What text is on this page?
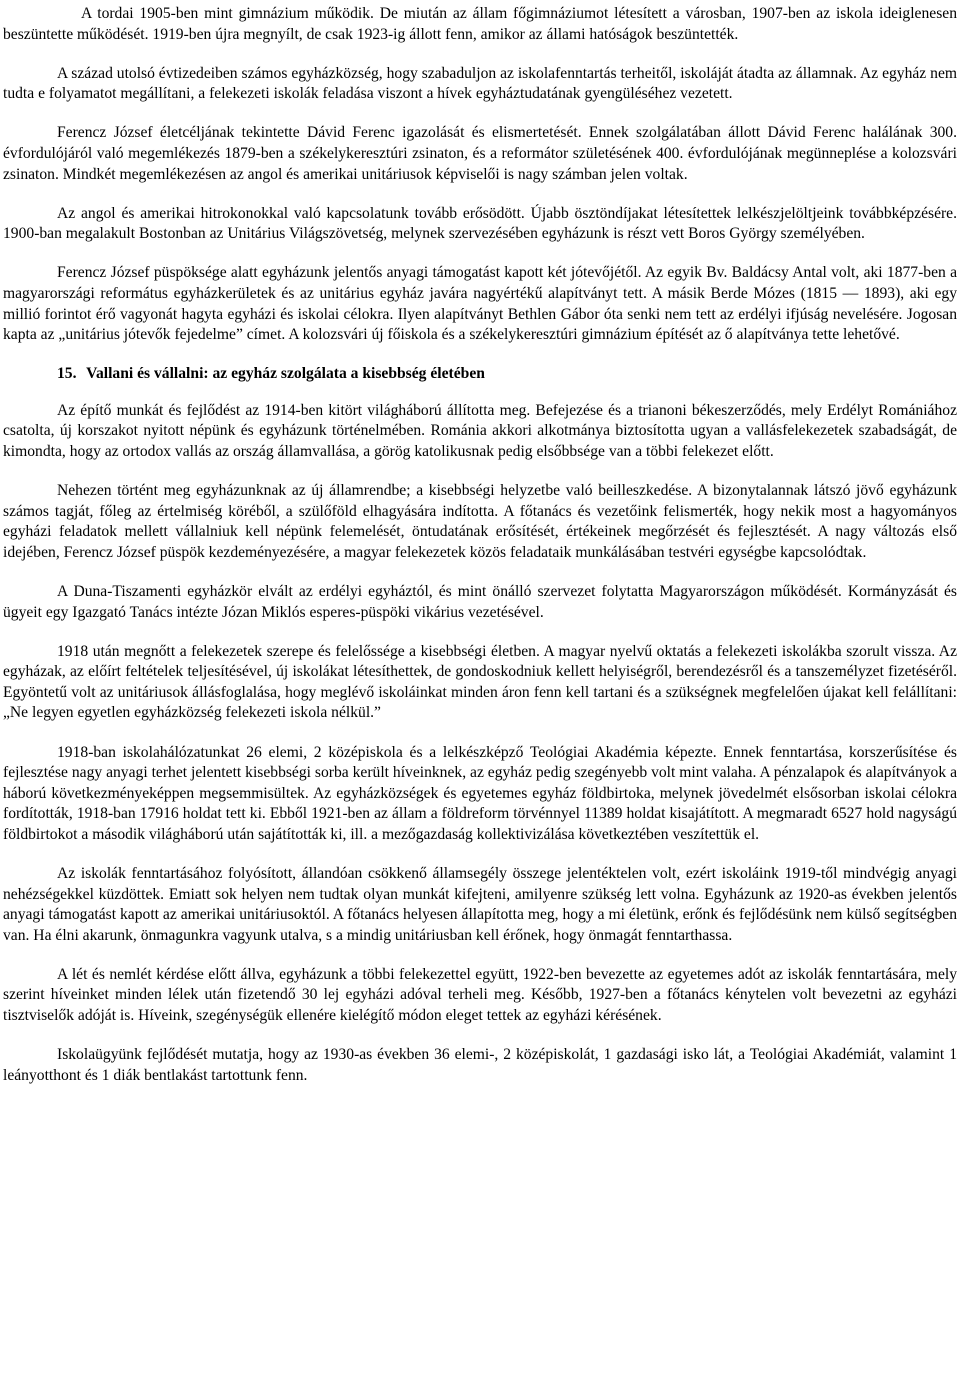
A tordai 1905-ben mint gimnázium működik. De miután az állam főgimnáziumot létesített a városban, 1907-ben az iskola ideiglenesen beszüntette működését. 1919-ben újra megnyílt, de csak 1923-ig állott fenn, amikor az állami hatóságok beszüntették.

A század utolsó évtizedeiben számos egyházközség, hogy szabaduljon az iskolafenntartás terheitől, iskoláját átadta az államnak. Az egyház nem tudta e folyamatot megállítani, a felekezeti iskolák feladása viszont a hívek egyháztudatának gyengüléséhez vezetett.

Ferencz József életcéljának tekintette Dávid Ferenc igazolását és elismertetését. Ennek szolgálatában állott Dávid Ferenc halálának 300. évfordulójáról való megemlékezés 1879-ben a székelykeresztúri zsinaton, és a reformátor születésének 400. évfordulójának megünneplése a kolozsvári zsinaton. Mindkét megemlékezésen az angol és amerikai unitáriusok képviselői is nagy számban jelen voltak.

Az angol és amerikai hitrokonokkal való kapcsolatunk tovább erősödött. Újabb ösztöndíjakat létesítettek lelkészjelöltjeink továbbképzésére. 1900-ban megalakult Bostonban az Unitárius Világszövetség, melynek szervezésében egyházunk is részt vett Boros György személyében.

Ferencz József püspöksége alatt egyházunk jelentős anyagi támogatást kapott két jótevőjétől. Az egyik Bv. Baldácsy Antal volt, aki 1877-ben a magyarországi református egyházkerületek és az unitárius egyház javára nagyértékű alapítványt tett. A másik Berde Mózes (1815 — 1893), aki egy millió forintot érő vagyonát hagyta egyházi és iskolai célokra. Ilyen alapítványt Bethlen Gábor óta senki nem tett az erdélyi ifjúság nevelésére. Jogosan kapta az „unitárius jótevők fejedelme” címet. A kolozsvári új főiskola és a székelykeresztúri gimnázium építését az ő alapítványa tette lehetővé.

15. Vallani és vállalni: az egyház szolgálata a kisebbség életében

Az építő munkát és fejlődést az 1914-ben kitört világháború állította meg. Befejezése és a trianoni békeszerződés, mely Erdélyt Romániához csatolta, új korszakot nyitott népünk és egyházunk történelmében. Románia akkori alkotmánya biztosította ugyan a vallásfelekezetek szabadságát, de kimondta, hogy az ortodox vallás az ország államvallása, a görög katolikusnak pedig elsőbbsége van a többi felekezet előtt.

Nehezen történt meg egyházunknak az új államrendbe; a kisebbségi helyzetbe való beilleszkedése. A bizonytalannak látszó jövő egyházunk számos tagját, főleg az értelmiség köréből, a szülőföld elhagyására indította. A főtanács és vezetőink felismerték, hogy nekik most a hagyományos egyházi feladatok mellett vállalniuk kell népünk felemelését, öntudatának erősítését, értékeinek megőrzését és fejlesztését. A nagy változás első idejében, Ferencz József püspök kezdeményezésére, a magyar felekezetek közös feladataik munkálásában testvéri egységbe kapcsolódtak.

A Duna-Tiszamenti egyházkör elvált az erdélyi egyháztól, és mint önálló szervezet folytatta Magyarországon működését. Kormányzását és ügyeit egy Igazgató Tanács intézte Józan Miklós esperes-püspöki vikárius vezetésével.

1918 után megnőtt a felekezetek szerepe és felelőssége a kisebbségi életben. A magyar nyelvű oktatás a felekezeti iskolákba szorult vissza. Az egyházak, az előírt feltételek teljesítésével, új iskolákat létesíthettek, de gondoskodniuk kellett helyiségről, berendezésről és a tanszemélyzet fizetéséről. Egyöntetű volt az unitáriusok állásfoglalása, hogy meglévő iskoláinkat minden áron fenn kell tartani és a szükségnek megfelelően újakat kell felállítani: „Ne legyen egyetlen egyházközség felekezeti iskola nélkül.”

1918-ban iskolahálózatunkat 26 elemi, 2 középiskola és a lelkészképző Teológiai Akadémia képezte. Ennek fenntartása, korszerűsítése és fejlesztése nagy anyagi terhet jelentett kisebbségi sorba került híveinknek, az egyház pedig szegényebb volt mint valaha. A pénzalapok és alapítványok a háború következményeképpen megsemmisültek. Az egyházközségek és egyetemes egyház földbirtoka, melynek jövedelmét elsősorban iskolai célokra fordították, 1918-ban 17916 holdat tett ki. Ebből 1921-ben az állam a földreform törvénnyel 11389 holdat kisajátított. A megmaradt 6527 hold nagyságú földbirtokot a második világháború után sajátították ki, ill. a mezőgazdaság kollektivizálása következtében veszítettük el.

Az iskolák fenntartásához folyósított, állandóan csökkenő államsegély összege jelentéktelen volt, ezért iskoláink 1919-től mindvégig anyagi nehézségekkel küzdöttek. Emiatt sok helyen nem tudtak olyan munkát kifejteni, amilyenre szükség lett volna. Egyházunk az 1920-as években jelentős anyagi támogatást kapott az amerikai unitáriusoktól. A főtanács helyesen állapította meg, hogy a mi életünk, erőnk és fejlődésünk nem külső segítségben van. Ha élni akarunk, önmagunkra vagyunk utalva, s a mindig unitáriusban kell érőnek, hogy önmagát fenntarthassa.

A lét és nemlét kérdése előtt állva, egyházunk a többi felekezettel együtt, 1922-ben bevezette az egyetemes adót az iskolák fenntartására, mely szerint híveinket minden lélek után fizetendő 30 lej egyházi adóval terheli meg. Később, 1927-ben a főtanács kénytelen volt bevezetni az egyházi tisztviselők adóját is. Híveink, szegénységük ellenére kielégítő módon eleget tettek az egyházi kérésének.

Iskolaügyünk fejlődését mutatja, hogy az 1930-as években 36 elemi-, 2 középiskolát, 1 gazdasági isko lát, a Teológiai Akadémiát, valamint 1 leányotthont és 1 diák bentlakást tartottunk fenn.
